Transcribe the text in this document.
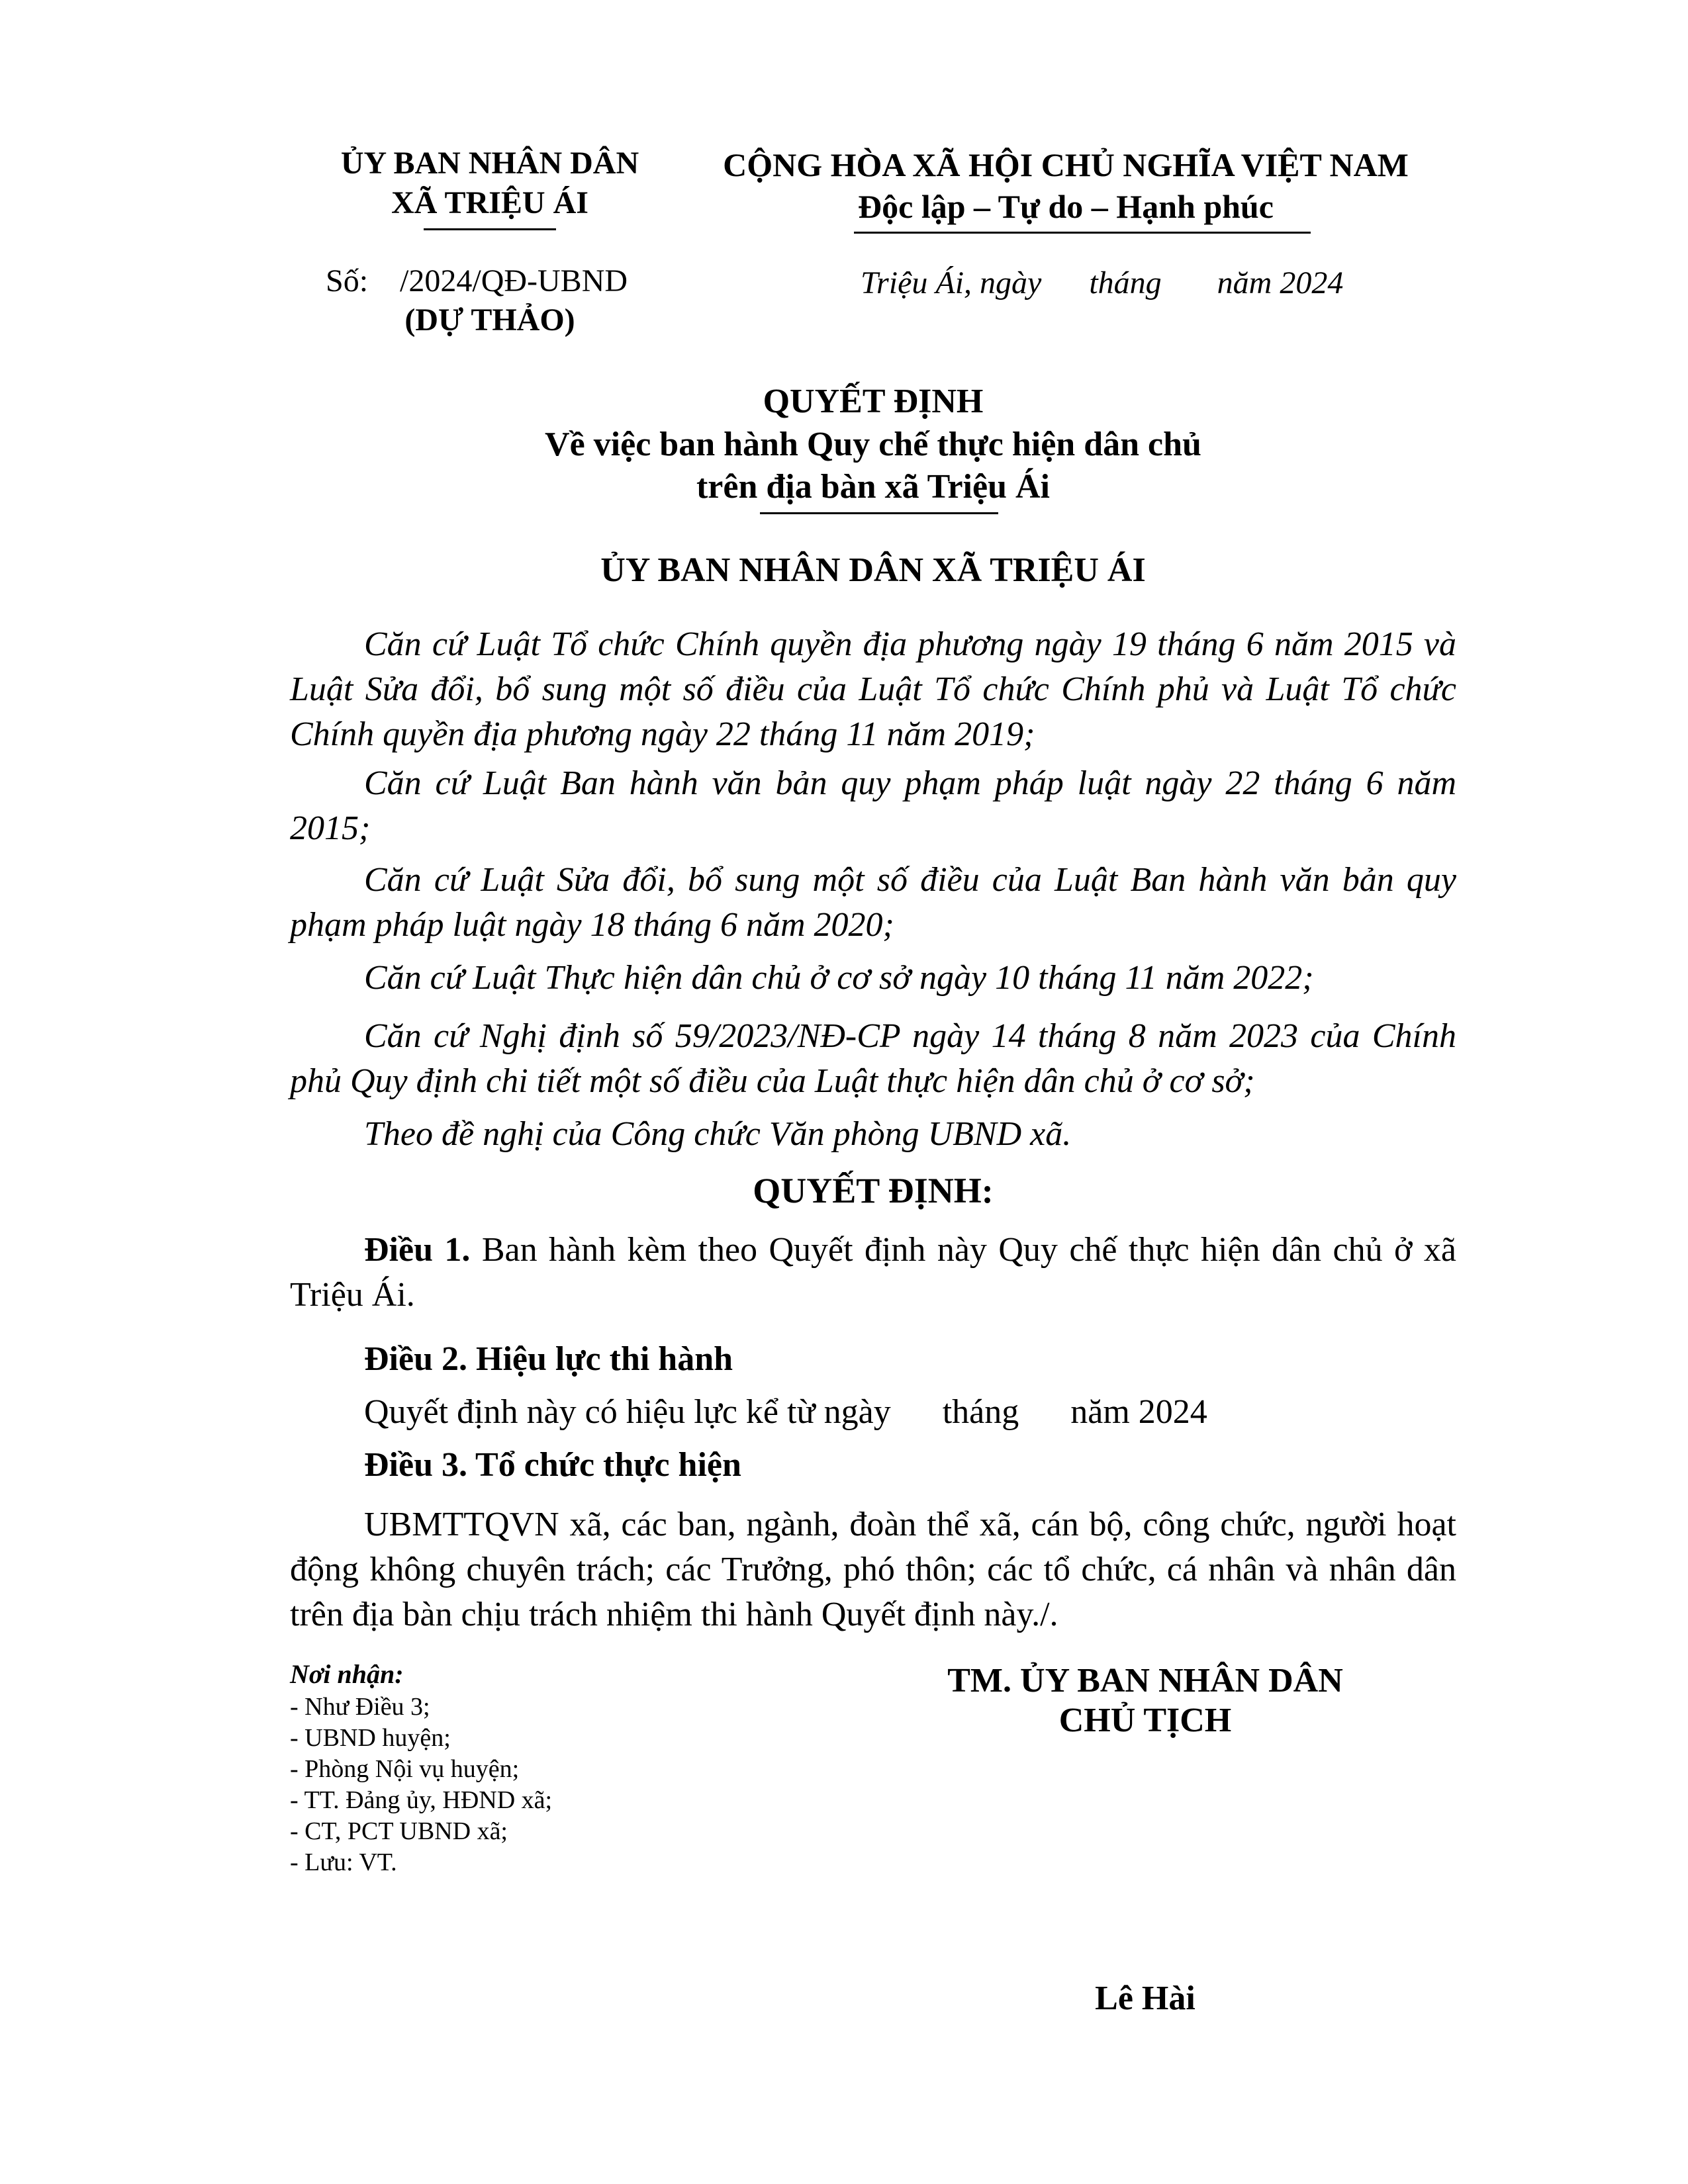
ỦY BAN NHÂN DÂN
XÃ TRIỆU ÁI
Số:    /2024/QĐ-UBND
(DỰ THẢO)
CỘNG HÒA XÃ HỘI CHỦ NGHĨA VIỆT NAM
Độc lập – Tự do – Hạnh phúc
Triệu Ái, ngày      tháng       năm 2024
QUYẾT ĐỊNH
Về việc ban hành Quy chế thực hiện dân chủ
trên địa bàn xã Triệu Ái
ỦY BAN NHÂN DÂN XÃ TRIỆU ÁI
Căn cứ Luật Tổ chức Chính quyền địa phương ngày 19 tháng 6 năm 2015 và Luật Sửa đổi, bổ sung một số điều của Luật Tổ chức Chính phủ và Luật Tổ chức Chính quyền địa phương ngày 22 tháng 11 năm 2019;
Căn cứ Luật Ban hành văn bản quy phạm pháp luật ngày 22 tháng 6 năm 2015;
Căn cứ Luật Sửa đổi, bổ sung một số điều của Luật Ban hành văn bản quy phạm pháp luật ngày 18 tháng 6 năm 2020;
Căn cứ Luật Thực hiện dân chủ ở cơ sở ngày 10 tháng 11 năm 2022;
Căn cứ Nghị định số 59/2023/NĐ-CP ngày 14 tháng 8 năm 2023 của Chính phủ Quy định chi tiết một số điều của Luật thực hiện dân chủ ở cơ sở;
Theo đề nghị của Công chức Văn phòng UBND xã.
QUYẾT ĐỊNH:
Điều 1. Ban hành kèm theo Quyết định này Quy chế thực hiện dân chủ ở xã Triệu Ái.
Điều 2. Hiệu lực thi hành
Quyết định này có hiệu lực kể từ ngày      tháng      năm 2024
Điều 3. Tổ chức thực hiện
UBMTTQVN xã, các ban, ngành, đoàn thể xã, cán bộ, công chức, người hoạt động không chuyên trách; các Trưởng, phó thôn; các tổ chức, cá nhân và nhân dân trên địa bàn chịu trách nhiệm thi hành Quyết định này./.
Nơi nhận:
- Như Điều 3;
- UBND huyện;
- Phòng Nội vụ huyện;
- TT. Đảng ủy, HĐND xã;
- CT, PCT UBND xã;
- Lưu: VT.
TM. ỦY BAN NHÂN DÂN
CHỦ TỊCH
Lê Hài
